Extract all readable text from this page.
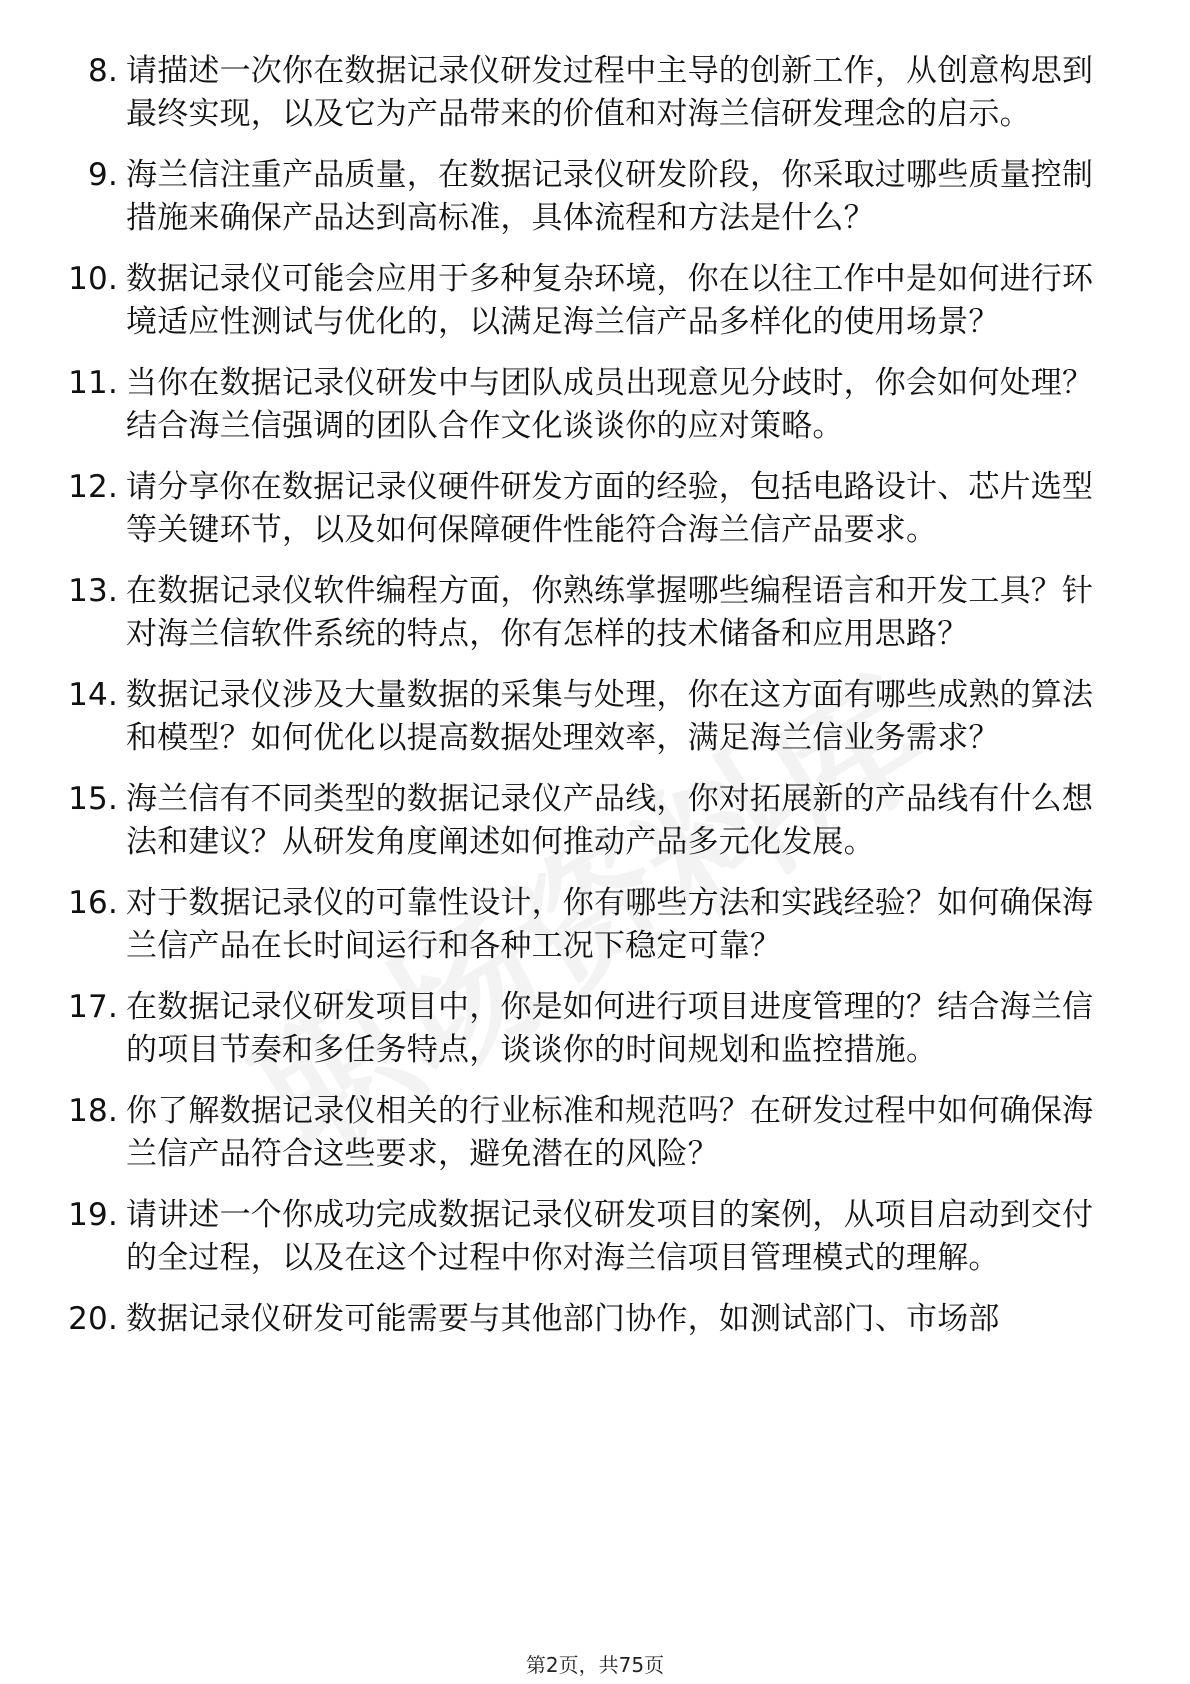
8. 请描述一次你在数据记录仪研发过程中主导的创新工作，从创意构思到最终实现，以及它为产品带来的价值和对海兰信研发理念的启示。
9. 海兰信注重产品质量，在数据记录仪研发阶段，你采取过哪些质量控制措施来确保产品达到高标准，具体流程和方法是什么？
10. 数据记录仪可能会应用于多种复杂环境，你在以往工作中是如何进行环境适应性测试与优化的，以满足海兰信产品多样化的使用场景？
11. 当你在数据记录仪研发中与团队成员出现意见分歧时，你会如何处理？结合海兰信强调的团队合作文化谈谈你的应对策略。
12. 请分享你在数据记录仪硬件研发方面的经验，包括电路设计、芯片选型等关键环节，以及如何保障硬件性能符合海兰信产品要求。
13. 在数据记录仪软件编程方面，你熟练掌握哪些编程语言和开发工具？针对海兰信软件系统的特点，你有怎样的技术储备和应用思路？
14. 数据记录仪涉及大量数据的采集与处理，你在这方面有哪些成熟的算法和模型？如何优化以提高数据处理效率，满足海兰信业务需求？
15. 海兰信有不同类型的数据记录仪产品线，你对拓展新的产品线有什么想法和建议？从研发角度阐述如何推动产品多元化发展。
16. 对于数据记录仪的可靠性设计，你有哪些方法和实践经验？如何确保海兰信产品在长时间运行和各种工况下稳定可靠？
17. 在数据记录仪研发项目中，你是如何进行项目进度管理的？结合海兰信的项目节奏和多任务特点，谈谈你的时间规划和监控措施。
18. 你了解数据记录仪相关的行业标准和规范吗？在研发过程中如何确保海兰信产品符合这些要求，避免潜在的风险？
19. 请讲述一个你成功完成数据记录仪研发项目的案例，从项目启动到交付的全过程，以及在这个过程中你对海兰信项目管理模式的理解。
20. 数据记录仪研发可能需要与其他部门协作，如测试部门、市场部
第2页，共75页
